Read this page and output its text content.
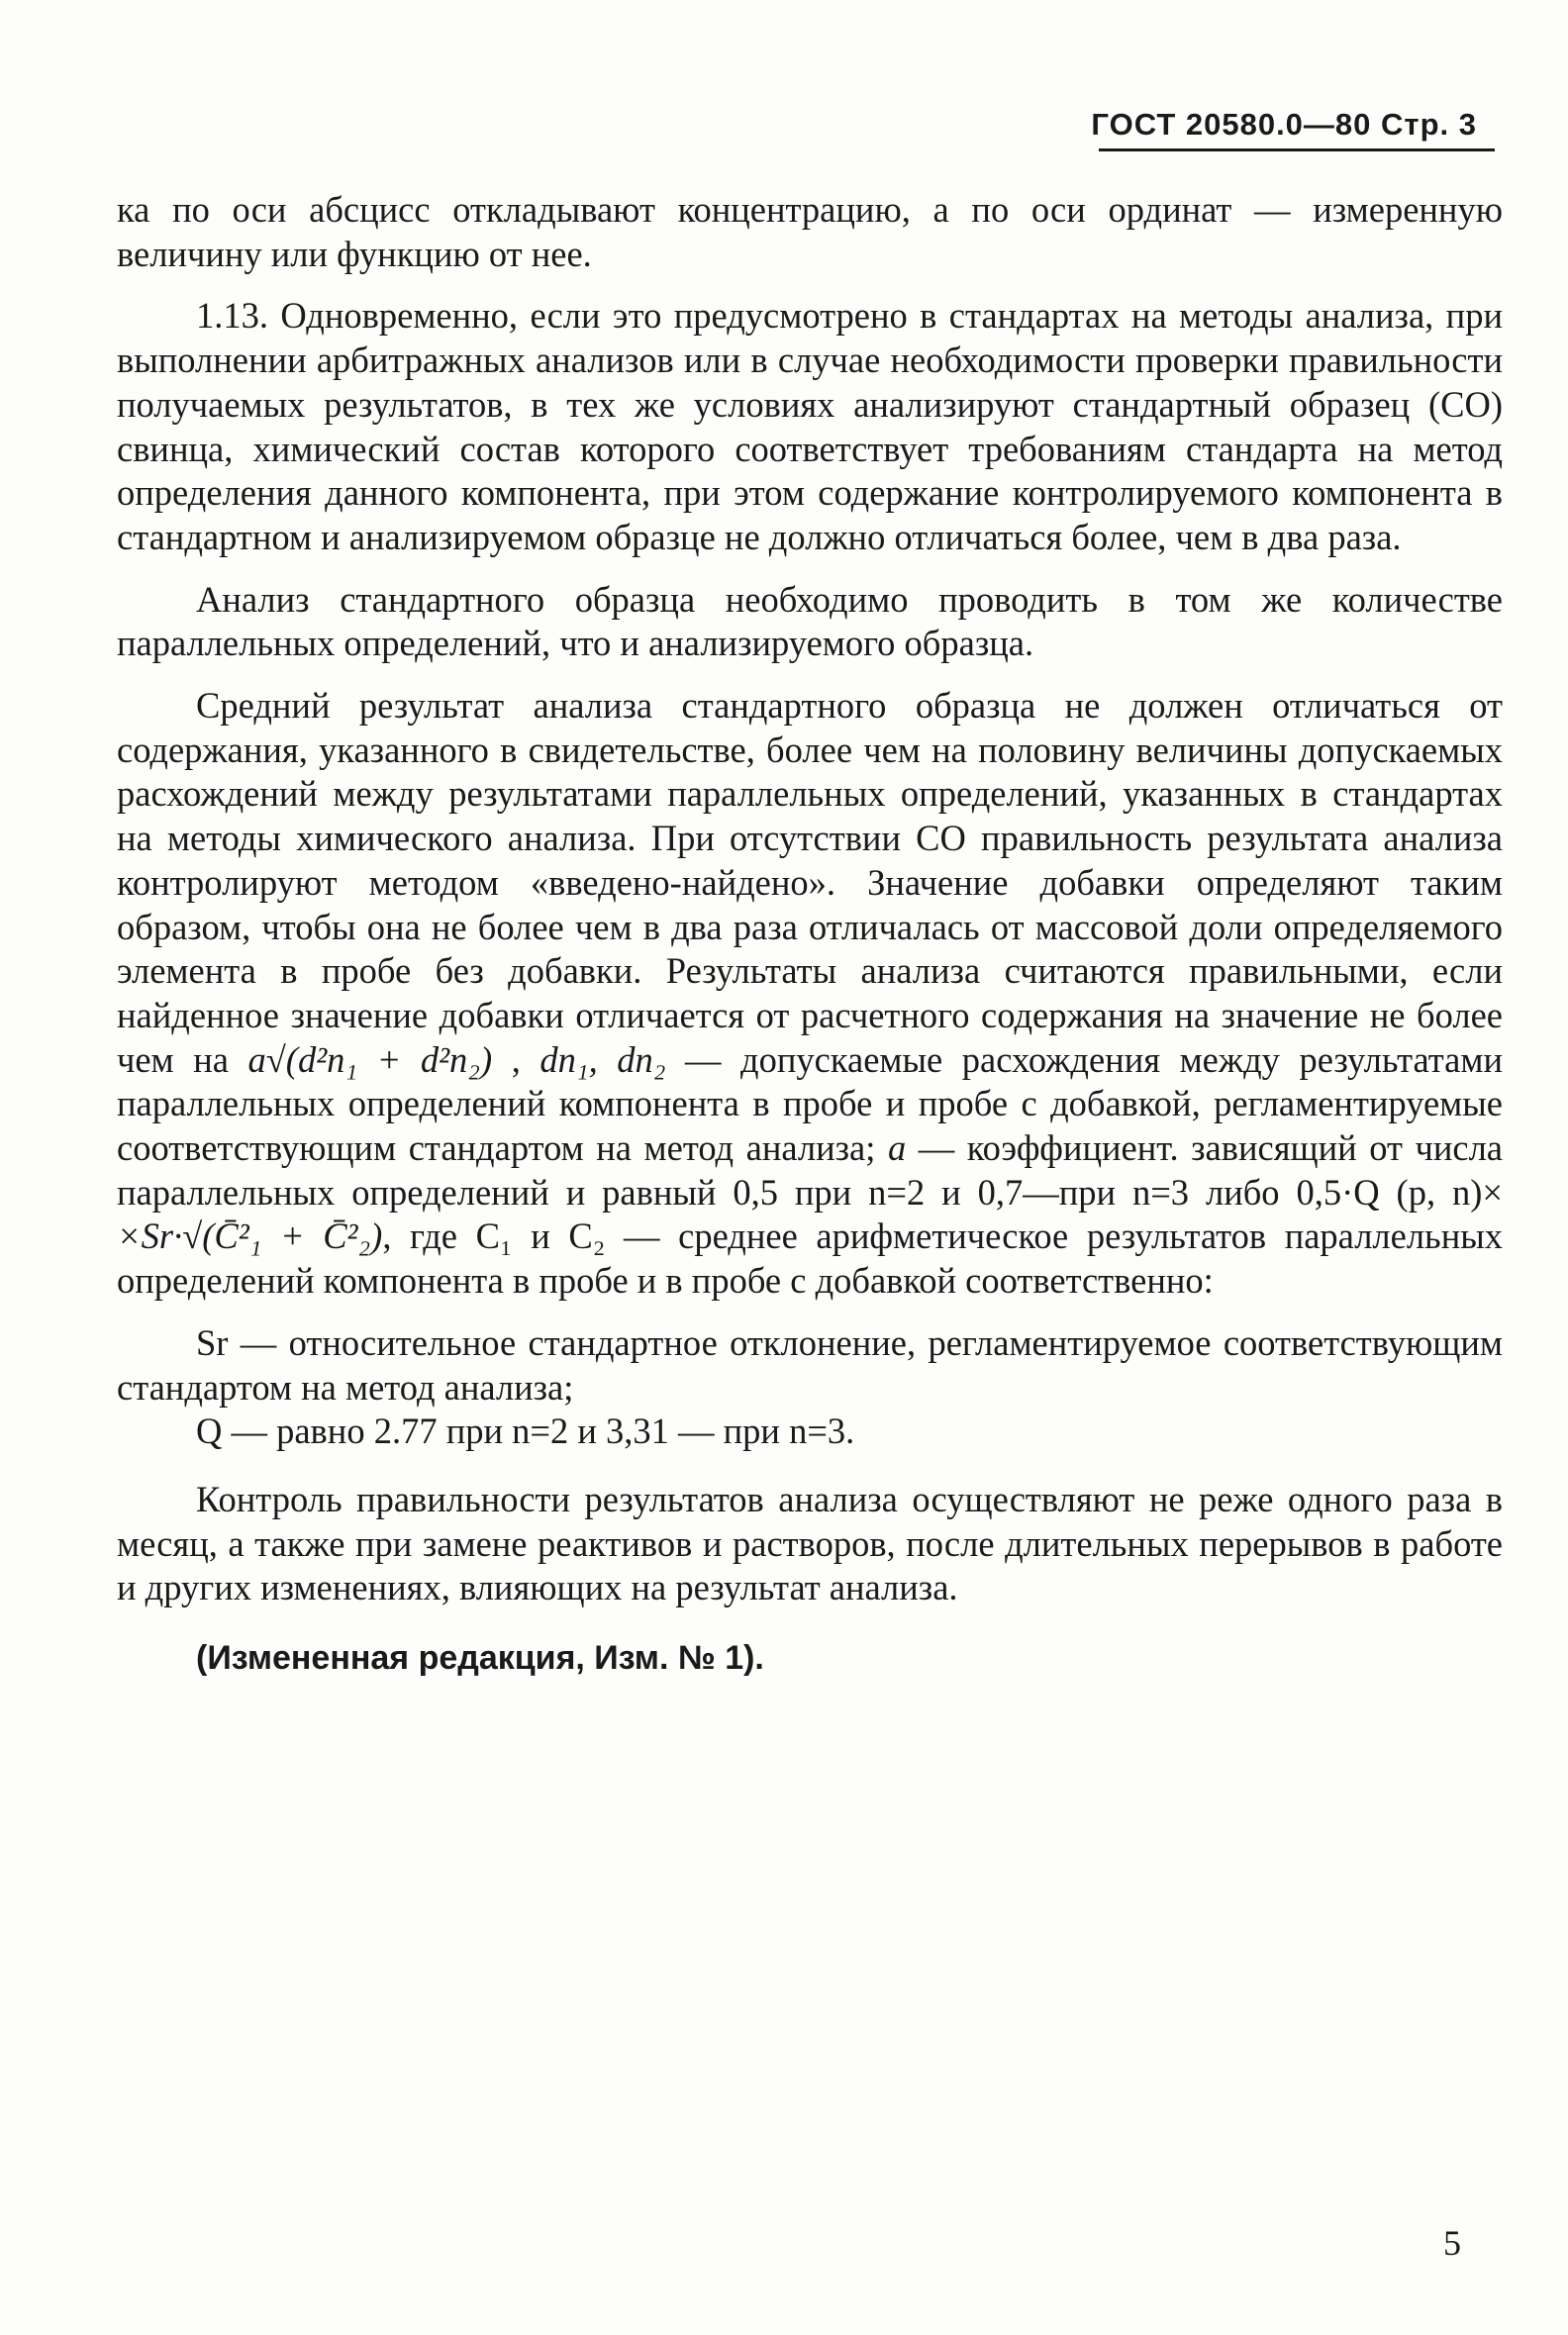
ГОСТ 20580.0—80 Стр. 3

ка по оси абсцисс откладывают концентрацию, а по оси ординат — измеренную величину или функцию от нее.

1.13. Одновременно, если это предусмотрено в стандартах на методы анализа, при выполнении арбитражных анализов или в случае необходимости проверки правильности получаемых результатов, в тех же условиях анализируют стандартный образец (СО) свинца, химический состав которого соответствует требованиям стандарта на метод определения данного компонента, при этом содержание контролируемого компонента в стандартном и анализируемом образце не должно отличаться более, чем в два раза.

Анализ стандартного образца необходимо проводить в том же количестве параллельных определений, что и анализируемого образца.

Средний результат анализа стандартного образца не должен отличаться от содержания, указанного в свидетельстве, более чем на половину величины допускаемых расхождений между результатами параллельных определений, указанных в стандартах на методы химического анализа. При отсутствии СО правильность результата анализа контролируют методом «введено-найдено». Значение добавки определяют таким образом, чтобы она не более чем в два раза отличалась от массовой доли определяемого элемента в пробе без добавки. Результаты анализа считаются правильными, если найденное значение добавки отличается от расчетного содержания на значение не более чем на a√(d²n₁ + d²n₂) , dn₁, dn₂ — допускаемые расхождения между результатами параллельных определений компонента в пробе и пробе с добавкой, регламентируемые соответствующим стандартом на метод анализа; a — коэффициент. зависящий от числа параллельных определений и равный 0,5 при n=2 и 0,7—при n=3 либо 0,5·Q (p, n)× ×Sr·√(C̄²₁ + C̄²₂), где C₁ и C₂ — среднее арифметическое результатов параллельных определений компонента в пробе и в пробе с добавкой соответственно:

Sr — относительное стандартное отклонение, регламентируемое соответствующим стандартом на метод анализа;

Q — равно 2.77 при n=2 и 3,31 — при n=3.

Контроль правильности результатов анализа осуществляют не реже одного раза в месяц, а также при замене реактивов и растворов, после длительных перерывов в работе и других изменениях, влияющих на результат анализа.

(Измененная редакция, Изм. № 1).

5
